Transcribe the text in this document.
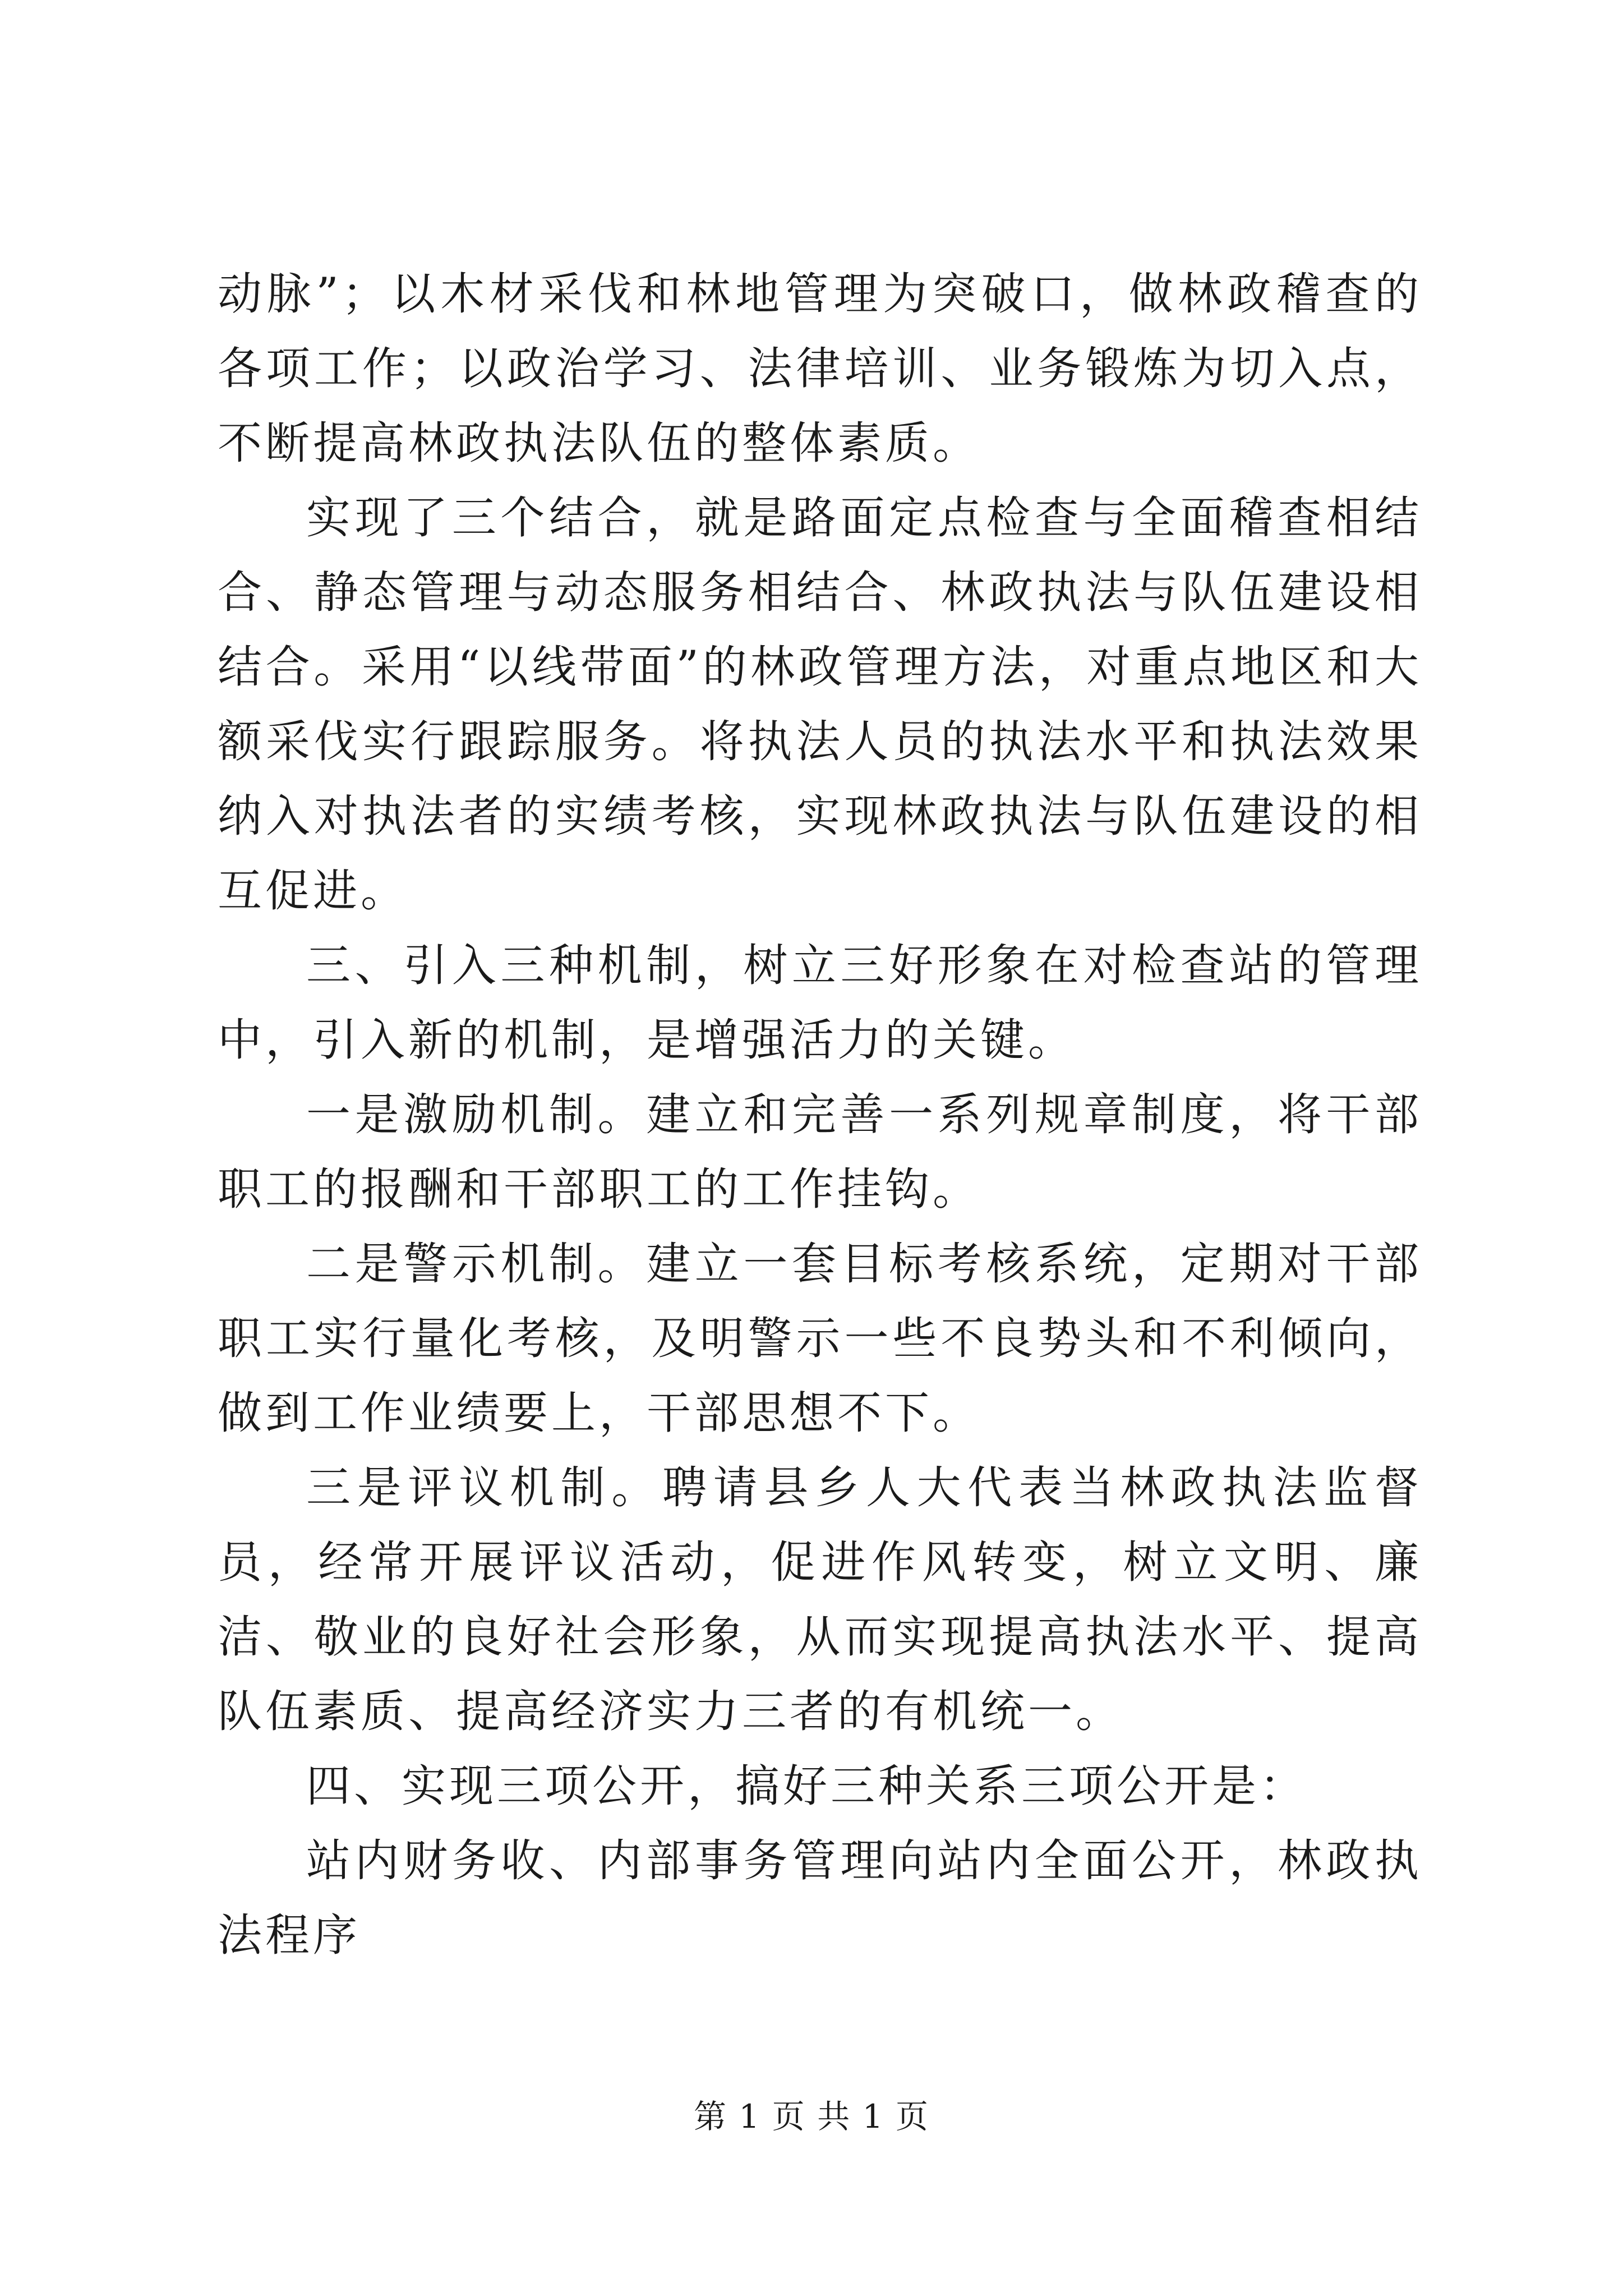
动脉”；以木材采伐和林地管理为突破口，做林政稽查的各项工作；以政治学习、法律培训、业务锻炼为切入点，不断提高林政执法队伍的整体素质。

实现了三个结合，就是路面定点检查与全面稽查相结合、静态管理与动态服务相结合、林政执法与队伍建设相结合。采用“以线带面”的林政管理方法，对重点地区和大额采伐实行跟踪服务。将执法人员的执法水平和执法效果纳入对执法者的实绩考核，实现林政执法与队伍建设的相互促进。

三、引入三种机制，树立三好形象在对检查站的管理中，引入新的机制，是增强活力的关键。

一是激励机制。建立和完善一系列规章制度，将干部职工的报酬和干部职工的工作挂钩。

二是警示机制。建立一套目标考核系统，定期对干部职工实行量化考核，及明警示一些不良势头和不利倾向，做到工作业绩要上，干部思想不下。

三是评议机制。聘请县乡人大代表当林政执法监督员，经常开展评议活动，促进作风转变，树立文明、廉洁、敬业的良好社会形象，从而实现提高执法水平、提高队伍素质、提高经济实力三者的有机统一。

四、实现三项公开，搞好三种关系三项公开是：

站内财务收、内部事务管理向站内全面公开，林政执法程序

第 1 页 共 1 页
